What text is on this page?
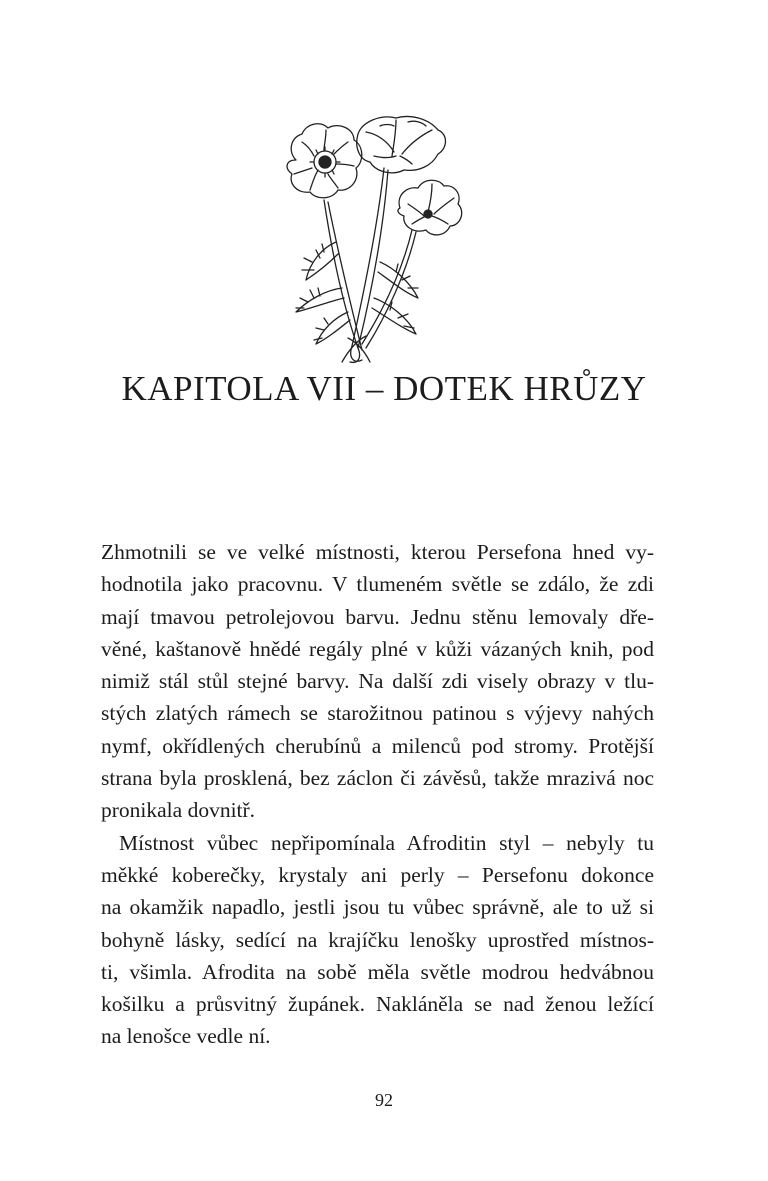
KAPITOLA VII – DOTEK HRŮZY

Zhmotnili se ve velké místnosti, kterou Persefona hned vy-
hodnotila jako pracovnu. V tlumeném světle se zdálo, že zdi
mají tmavou petrolejovou barvu. Jednu stěnu lemovaly dře-
věné, kaštanově hnědé regály plné v kůži vázaných knih, pod
nimiž stál stůl stejné barvy. Na další zdi visely obrazy v tlu-
stých zlatých rámech se starožitnou patinou s výjevy nahých
nymf, okřídlených cherubínů a milenců pod stromy. Protější
strana byla prosklená, bez záclon či závěsů, takže mrazivá noc
pronikala dovnitř.

Místnost vůbec nepřipomínala Afroditin styl – nebyly tu
měkké koberečky, krystaly ani perly – Persefonu dokonce
na okamžik napadlo, jestli jsou tu vůbec správně, ale to už si
bohyně lásky, sedící na krajíčku lenošky uprostřed místnos-
ti, všimla. Afrodita na sobě měla světle modrou hedvábnou
košilku a průsvitný župánek. Nakláněla se nad ženou ležící
na lenošce vedle ní.

92
